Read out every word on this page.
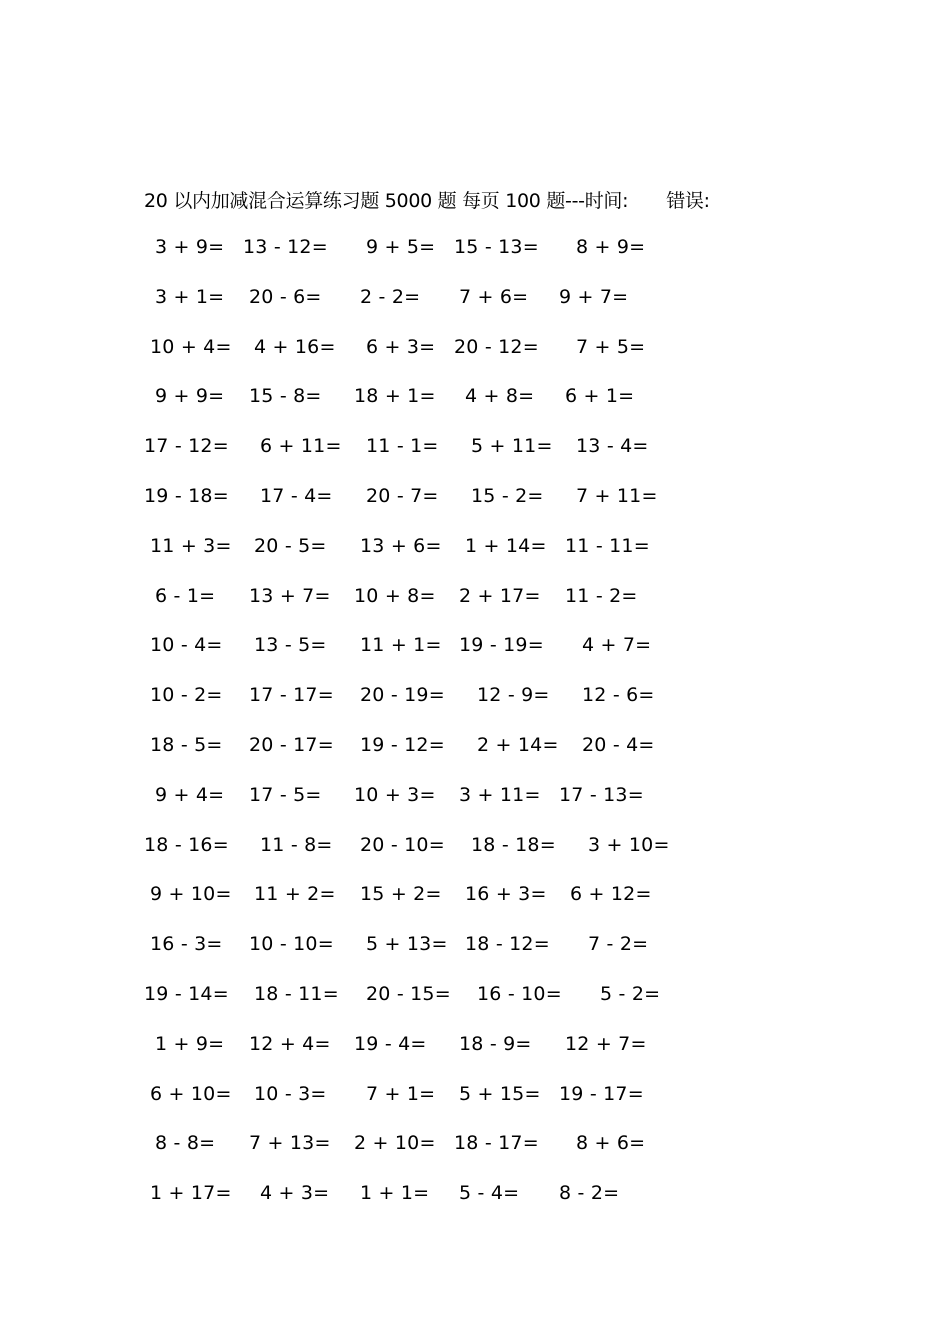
20 以内加减混合运算练习题 5000 题 每页 100 题---时间: 错误:
3 + 9= 13 - 12= 9 + 5= 15 - 13= 8 + 9=
3 + 1= 20 - 6= 2 - 2= 7 + 6= 9 + 7=
10 + 4= 4 + 16= 6 + 3= 20 - 12= 7 + 5=
9 + 9= 15 - 8= 18 + 1= 4 + 8= 6 + 1=
17 - 12= 6 + 11= 11 - 1= 5 + 11= 13 - 4=
19 - 18= 17 - 4= 20 - 7= 15 - 2= 7 + 11=
11 + 3= 20 - 5= 13 + 6= 1 + 14= 11 - 11=
6 - 1= 13 + 7= 10 + 8= 2 + 17= 11 - 2=
10 - 4= 13 - 5= 11 + 1= 19 - 19= 4 + 7=
10 - 2= 17 - 17= 20 - 19= 12 - 9= 12 - 6=
18 - 5= 20 - 17= 19 - 12= 2 + 14= 20 - 4=
9 + 4= 17 - 5= 10 + 3= 3 + 11= 17 - 13=
18 - 16= 11 - 8= 20 - 10= 18 - 18= 3 + 10=
9 + 10= 11 + 2= 15 + 2= 16 + 3= 6 + 12=
16 - 3= 10 - 10= 5 + 13= 18 - 12= 7 - 2=
19 - 14= 18 - 11= 20 - 15= 16 - 10= 5 - 2=
1 + 9= 12 + 4= 19 - 4= 18 - 9= 12 + 7=
6 + 10= 10 - 3= 7 + 1= 5 + 15= 19 - 17=
8 - 8= 7 + 13= 2 + 10= 18 - 17= 8 + 6=
1 + 17= 4 + 3= 1 + 1= 5 - 4= 8 - 2=
